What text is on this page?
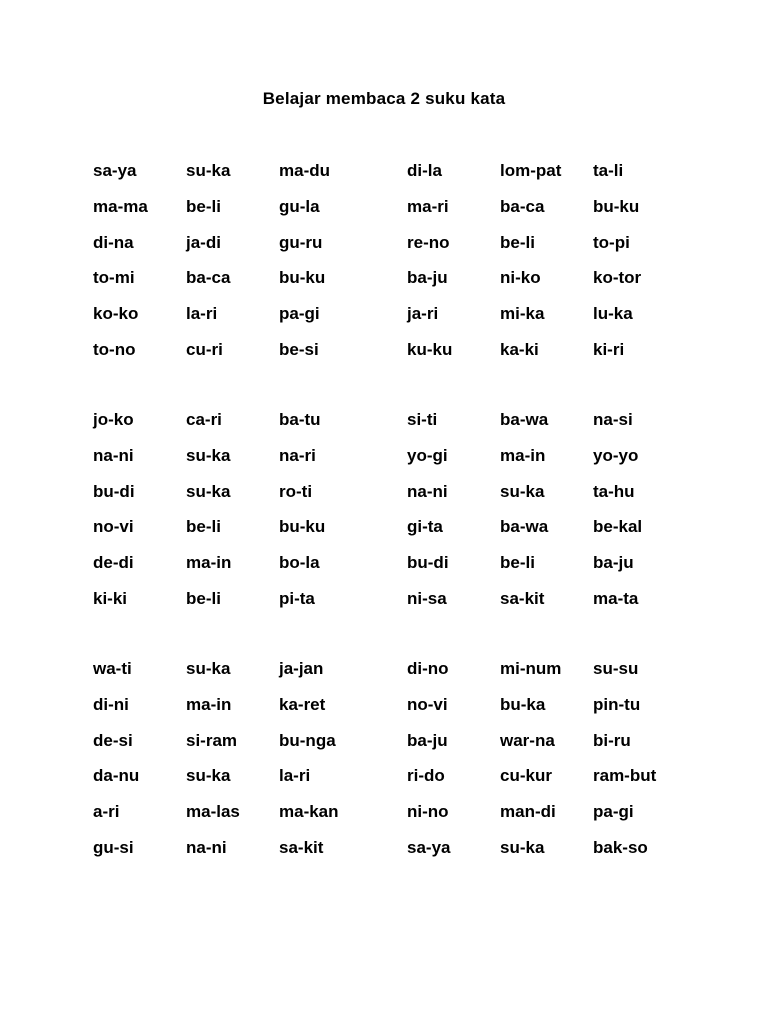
Belajar membaca 2 suku kata
sa-ya	su-ka	ma-du	di-la	lom-pat ta-li
ma-ma be-li	gu-la	ma-ri	ba-ca	bu-ku
di-na	ja-di	gu-ru	re-no	be-li	to-pi
to-mi	ba-ca	bu-ku	ba-ju	ni-ko	ko-tor
ko-ko	la-ri	pa-gi	ja-ri	mi-ka	lu-ka
to-no	cu-ri	be-si	ku-ku	ka-ki	ki-ri
jo-ko	ca-ri	ba-tu	si-ti	ba-wa	na-si
na-ni	su-ka	na-ri	yo-gi	ma-in	yo-yo
bu-di	su-ka	ro-ti	na-ni	su-ka	ta-hu
no-vi	be-li	bu-ku	gi-ta	ba-wa	be-kal
de-di	ma-in	bo-la	bu-di	be-li	ba-ju
ki-ki	be-li	pi-ta	ni-sa	sa-kit	ma-ta
wa-ti	su-ka	ja-jan	di-no	mi-num su-su
di-ni	ma-in	ka-ret	no-vi	bu-ka	pin-tu
de-si	si-ram bu-nga	ba-ju	war-na bi-ru
da-nu	su-ka	la-ri	ri-do	cu-kur ram-but
a-ri	ma-las ma-kan	ni-no	man-di pa-gi
gu-si	na-ni	sa-kit	sa-ya	su-ka	bak-so
